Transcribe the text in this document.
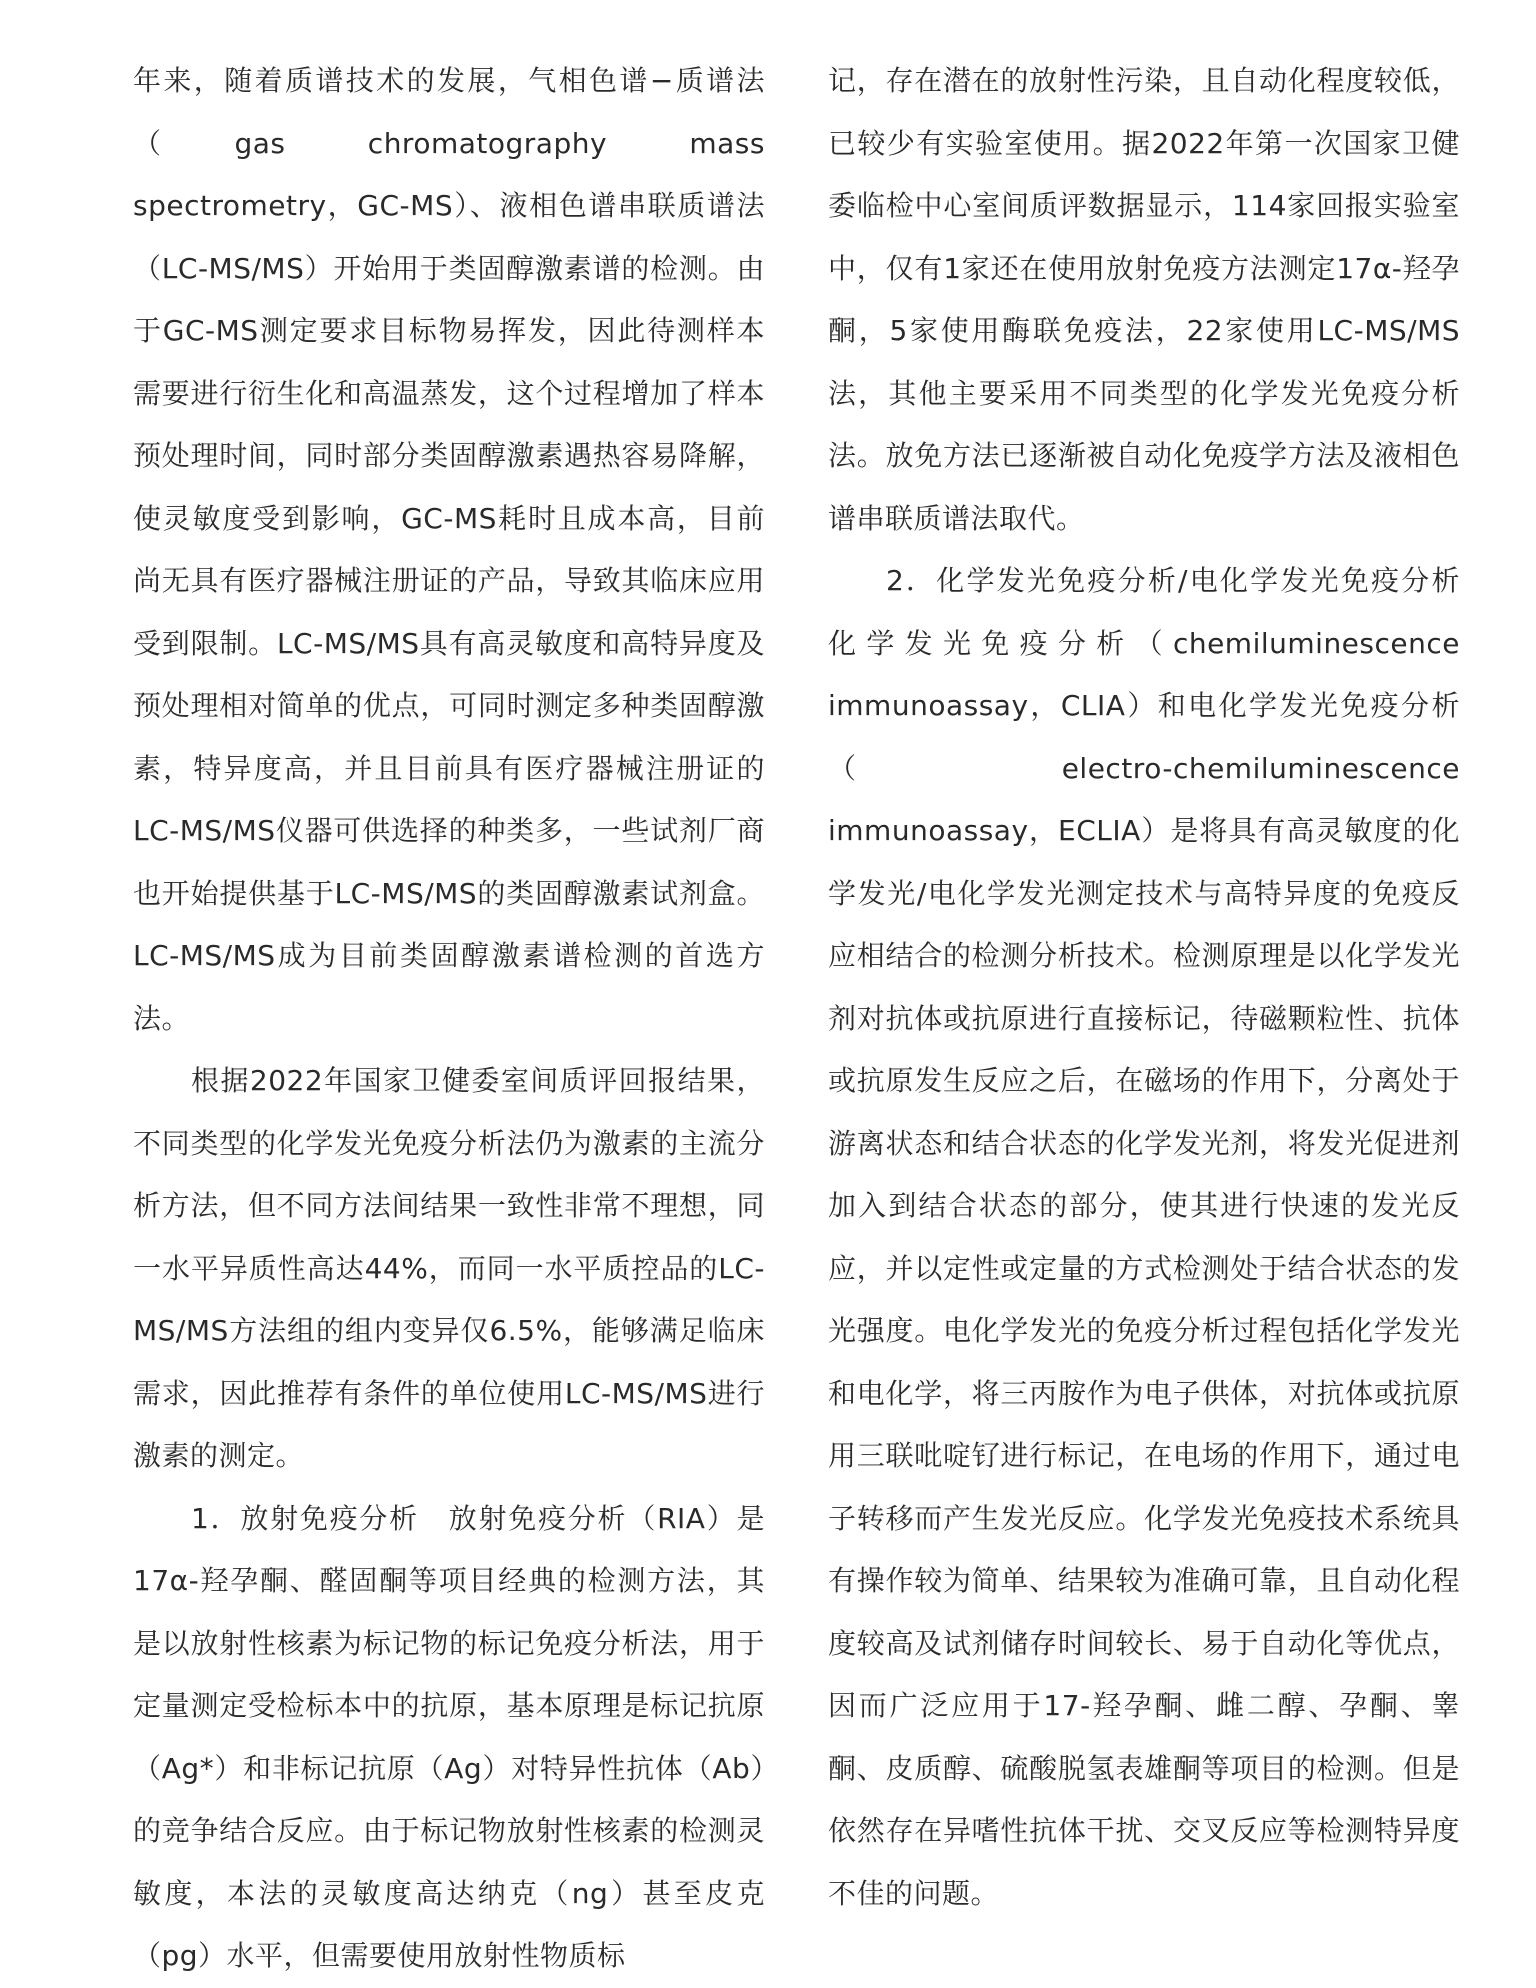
年来，随着质谱技术的发展，气相色谱−质谱法（gas chromatography mass spectrometry，GC-MS）、液相色谱串联质谱法（LC-MS/MS）开始用于类固醇激素谱的检测。由于GC-MS测定要求目标物易挥发，因此待测样本需要进行衍生化和高温蒸发，这个过程增加了样本预处理时间，同时部分类固醇激素遇热容易降解，使灵敏度受到影响，GC-MS耗时且成本高，目前尚无具有医疗器械注册证的产品，导致其临床应用受到限制。LC-MS/MS具有高灵敏度和高特异度及预处理相对简单的优点，可同时测定多种类固醇激素，特异度高，并且目前具有医疗器械注册证的LC-MS/MS仪器可供选择的种类多，一些试剂厂商也开始提供基于LC-MS/MS的类固醇激素试剂盒。LC-MS/MS成为目前类固醇激素谱检测的首选方法。

根据2022年国家卫健委室间质评回报结果，不同类型的化学发光免疫分析法仍为激素的主流分析方法，但不同方法间结果一致性非常不理想，同一水平异质性高达44%，而同一水平质控品的LC-MS/MS方法组的组内变异仅6.5%，能够满足临床需求，因此推荐有条件的单位使用LC-MS/MS进行激素的测定。

1．放射免疫分析　放射免疫分析（RIA）是17α-羟孕酮、醛固酮等项目经典的检测方法，其是以放射性核素为标记物的标记免疫分析法，用于定量测定受检标本中的抗原，基本原理是标记抗原（Ag*）和非标记抗原（Ag）对特异性抗体（Ab）的竞争结合反应。由于标记物放射性核素的检测灵敏度，本法的灵敏度高达纳克（ng）甚至皮克（pg）水平，但需要使用放射性物质标

记，存在潜在的放射性污染，且自动化程度较低，已较少有实验室使用。据2022年第一次国家卫健委临检中心室间质评数据显示，114家回报实验室中，仅有1家还在使用放射免疫方法测定17α-羟孕酮，5家使用酶联免疫法，22家使用LC-MS/MS法，其他主要采用不同类型的化学发光免疫分析法。放免方法已逐渐被自动化免疫学方法及液相色谱串联质谱法取代。

2．化学发光免疫分析/电化学发光免疫分析　化学发光免疫分析（chemiluminescence immunoassay，CLIA）和电化学发光免疫分析（electro-chemiluminescence immunoassay，ECLIA）是将具有高灵敏度的化学发光/电化学发光测定技术与高特异度的免疫反应相结合的检测分析技术。检测原理是以化学发光剂对抗体或抗原进行直接标记，待磁颗粒性、抗体或抗原发生反应之后，在磁场的作用下，分离处于游离状态和结合状态的化学发光剂，将发光促进剂加入到结合状态的部分，使其进行快速的发光反应，并以定性或定量的方式检测处于结合状态的发光强度。电化学发光的免疫分析过程包括化学发光和电化学，将三丙胺作为电子供体，对抗体或抗原用三联吡啶钌进行标记，在电场的作用下，通过电子转移而产生发光反应。化学发光免疫技术系统具有操作较为简单、结果较为准确可靠，且自动化程度较高及试剂储存时间较长、易于自动化等优点，因而广泛应用于17-羟孕酮、雌二醇、孕酮、睾酮、皮质醇、硫酸脱氢表雄酮等项目的检测。但是依然存在异嗜性抗体干扰、交叉反应等检测特异度不佳的问题。
